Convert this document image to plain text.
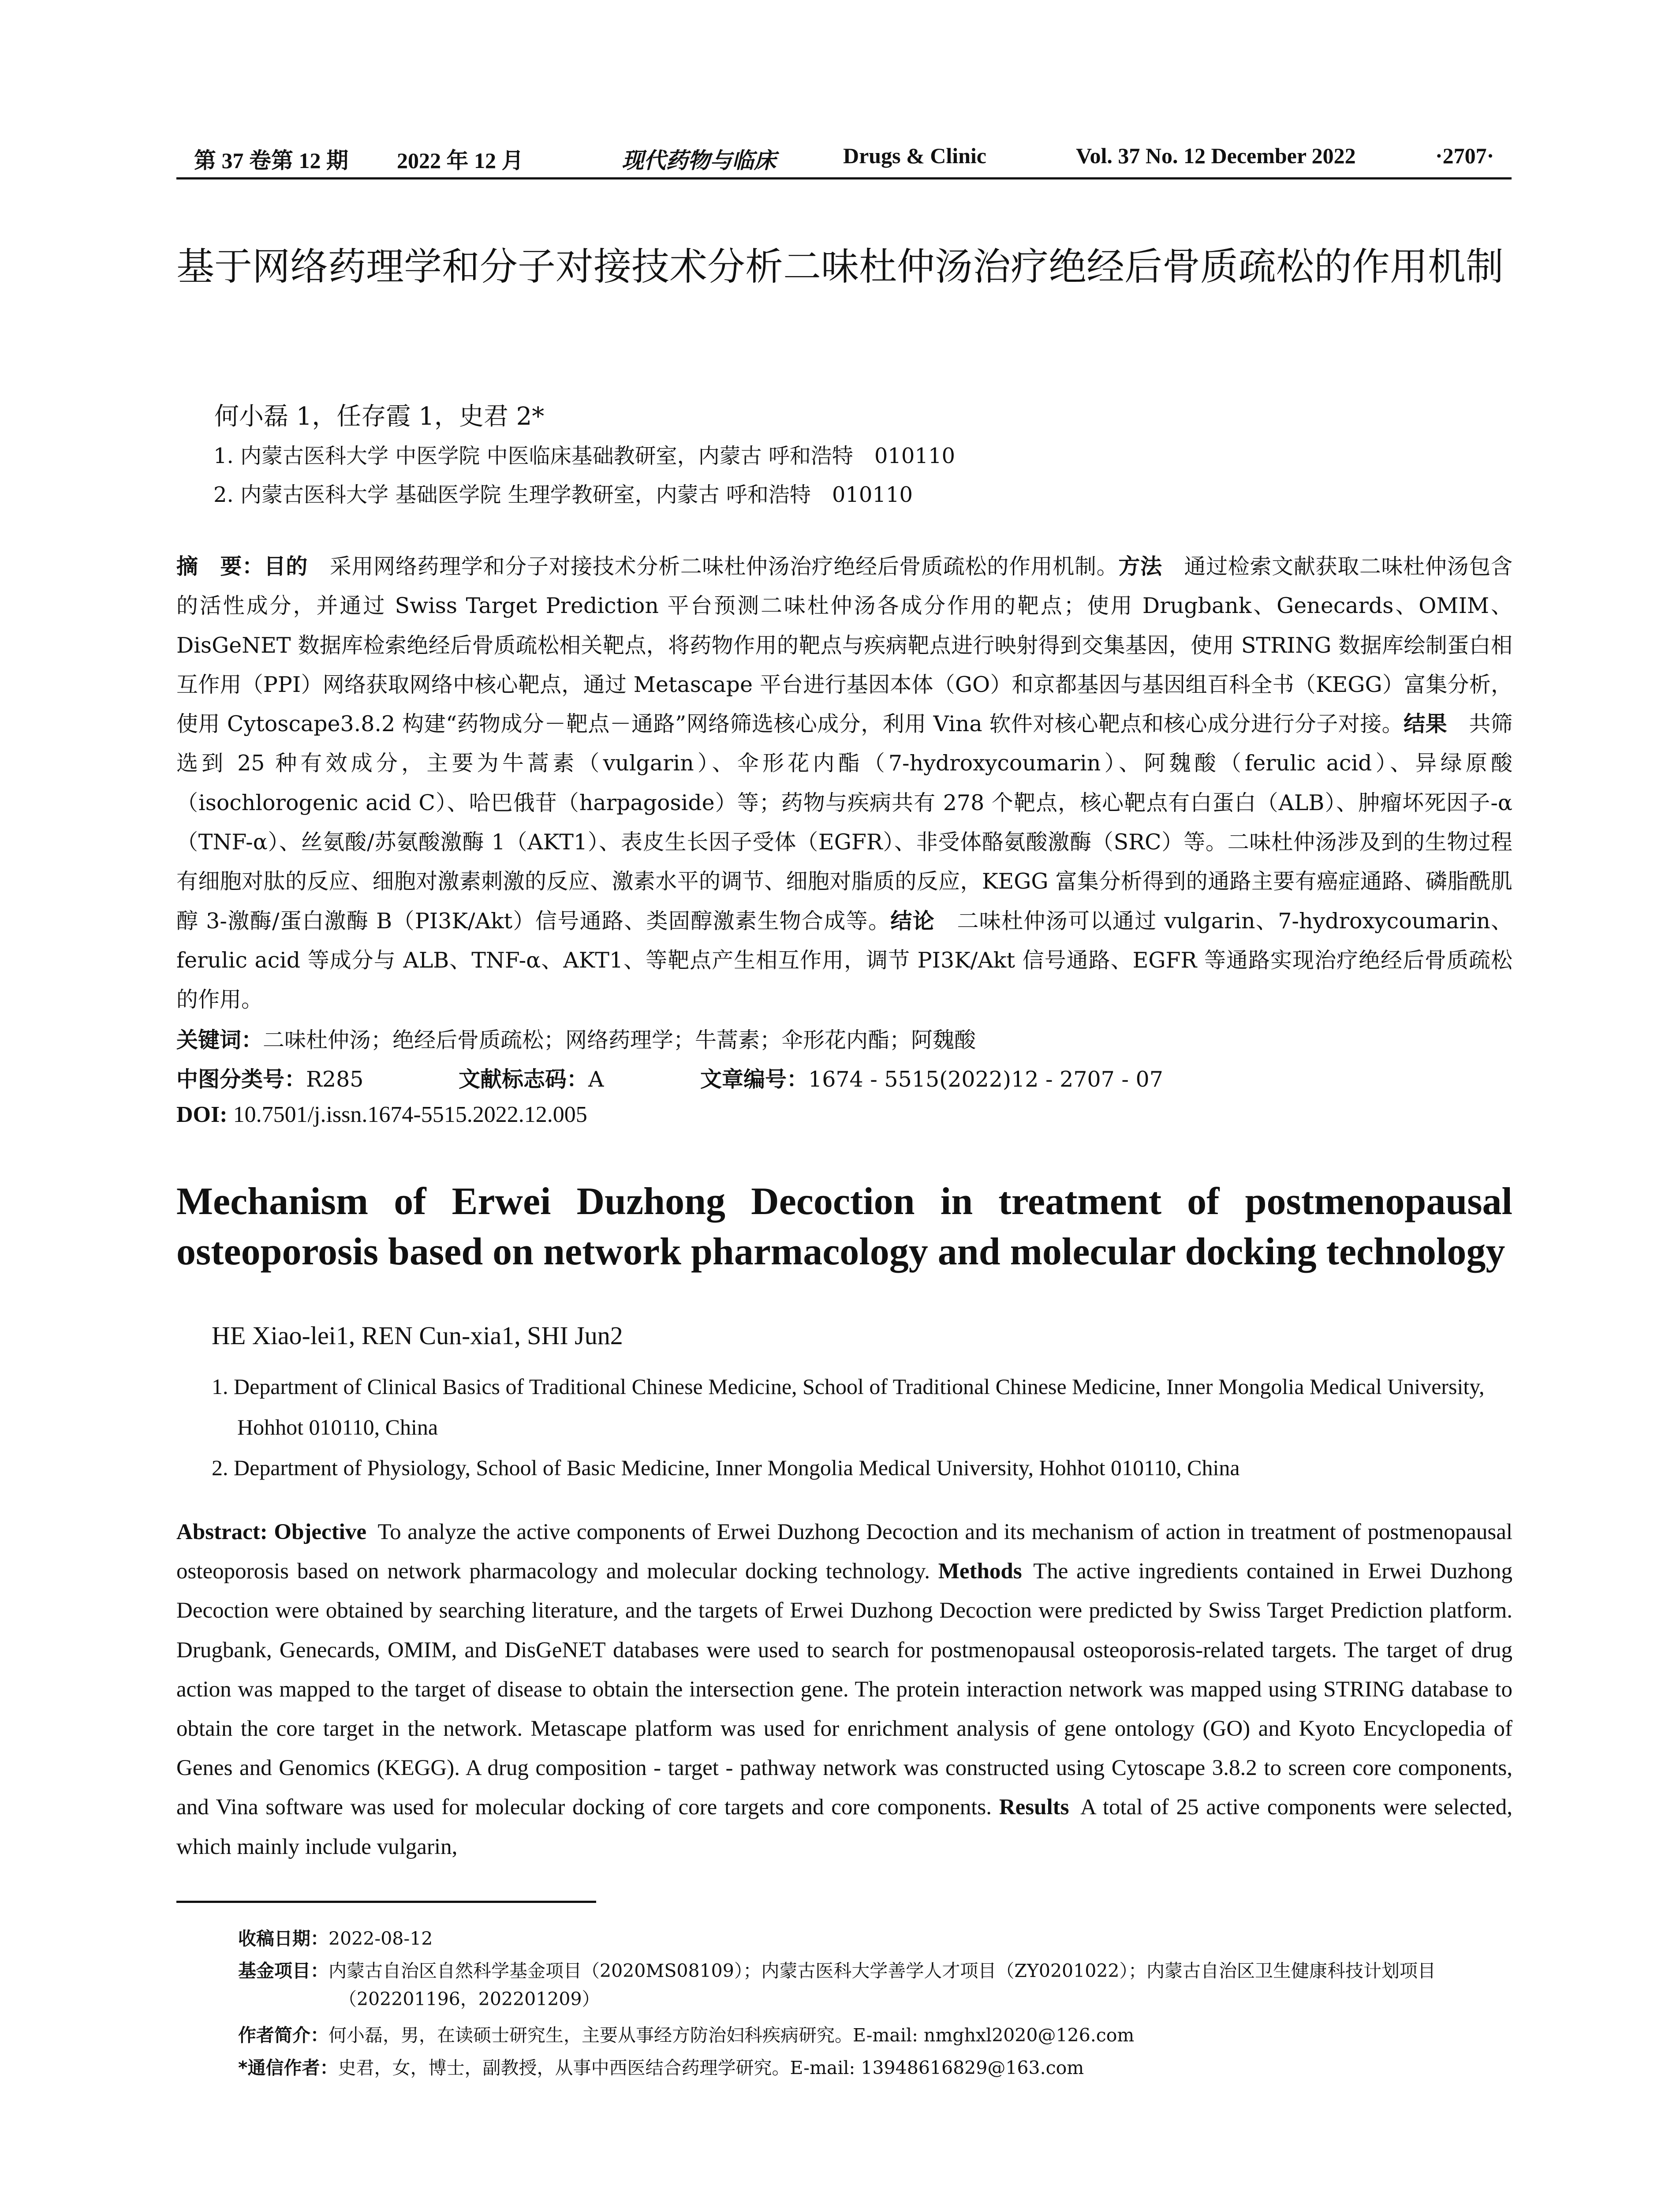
第 37 卷第 12 期 2022 年 12 月	现代药物与临床	Drugs & Clinic	Vol. 37 No. 12 December 2022	·2707·
基于网络药理学和分子对接技术分析二味杜仲汤治疗绝经后骨质疏松的作用机制
何小磊 1，任存霞 1，史君 2*
1. 内蒙古医科大学 中医学院 中医临床基础教研室，内蒙古 呼和浩特　010110
2. 内蒙古医科大学 基础医学院 生理学教研室，内蒙古 呼和浩特　010110
摘　要：目的　 采用网络药理学和分子对接技术分析二味杜仲汤治疗绝经后骨质疏松的作用机制。方法　 通过检索文献获取二味杜仲汤包含的活性成分，并通过 Swiss Target Prediction 平台预测二味杜仲汤各成分作用的靶点；使用 Drugbank、Genecards、OMIM、DisGeNET 数据库检索绝经后骨质疏松相关靶点，将药物作用的靶点与疾病靶点进行映射得到交集基因，使用 STRING 数据库绘制蛋白相互作用（PPI）网络获取网络中核心靶点，通过 Metascape 平台进行基因本体（GO）和京都基因与基因组百科全书（KEGG）富集分析，使用 Cytoscape3.8.2 构建“药物成分－靶点－通路”网络筛选核心成分，利用 Vina 软件对核心靶点和核心成分进行分子对接。结果　 共筛选到 25 种有效成分，主要为牛蒿素（vulgarin）、伞形花内酯（7-hydroxycoumarin）、阿魏酸（ferulic acid）、异绿原酸（isochlorogenic acid C）、哈巴俄苷（harpagoside）等；药物与疾病共有 278 个靶点，核心靶点有白蛋白（ALB）、肿瘤坏死因子-α（TNF-α）、丝氨酸/苏氨酸激酶 1（AKT1）、表皮生长因子受体（EGFR）、非受体酪氨酸激酶（SRC）等。二味杜仲汤涉及到的生物过程有细胞对肽的反应、细胞对激素刺激的反应、激素水平的调节、细胞对脂质的反应，KEGG 富集分析得到的通路主要有癌症通路、磷脂酰肌醇 3-激酶/蛋白激酶 B（PI3K/Akt）信号通路、类固醇激素生物合成等。结论　 二味杜仲汤可以通过 vulgarin、7-hydroxycoumarin、ferulic acid 等成分与 ALB、TNF-α、AKT1、等靶点产生相互作用，调节 PI3K/Akt 信号通路、EGFR 等通路实现治疗绝经后骨质疏松的作用。
关键词：二味杜仲汤；绝经后骨质疏松；网络药理学；牛蒿素；伞形花内酯；阿魏酸
中图分类号：R285	文献标志码：A	文章编号：1674 - 5515(2022)12 - 2707 - 07
DOI: 10.7501/j.issn.1674-5515.2022.12.005
Mechanism of Erwei Duzhong Decoction in treatment of postmenopausal osteoporosis based on network pharmacology and molecular docking technology
HE Xiao-lei1, REN Cun-xia1, SHI Jun2
1. Department of Clinical Basics of Traditional Chinese Medicine, School of Traditional Chinese Medicine, Inner Mongolia Medical University, Hohhot 010110, China
2. Department of Physiology, School of Basic Medicine, Inner Mongolia Medical University, Hohhot 010110, China
Abstract: Objective  To analyze the active components of Erwei Duzhong Decoction and its mechanism of action in treatment of postmenopausal osteoporosis based on network pharmacology and molecular docking technology. Methods  The active ingredients contained in Erwei Duzhong Decoction were obtained by searching literature, and the targets of Erwei Duzhong Decoction were predicted by Swiss Target Prediction platform. Drugbank, Genecards, OMIM, and DisGeNET databases were used to search for postmenopausal osteoporosis-related targets. The target of drug action was mapped to the target of disease to obtain the intersection gene. The protein interaction network was mapped using STRING database to obtain the core target in the network. Metascape platform was used for enrichment analysis of gene ontology (GO) and Kyoto Encyclopedia of Genes and Genomics (KEGG). A drug composition - target - pathway network was constructed using Cytoscape 3.8.2 to screen core components, and Vina software was used for molecular docking of core targets and core components. Results  A total of 25 active components were selected, which mainly include vulgarin,
收稿日期：2022-08-12
基金项目：内蒙古自治区自然科学基金项目（2020MS08109）；内蒙古医科大学善学人才项目（ZY0201022）；内蒙古自治区卫生健康科技计划项目（202201196，202201209）
作者简介：何小磊，男，在读硕士研究生，主要从事经方防治妇科疾病研究。E-mail: nmghxl2020@126.com
*通信作者：史君，女，博士，副教授，从事中西医结合药理学研究。E-mail: 13948616829@163.com
